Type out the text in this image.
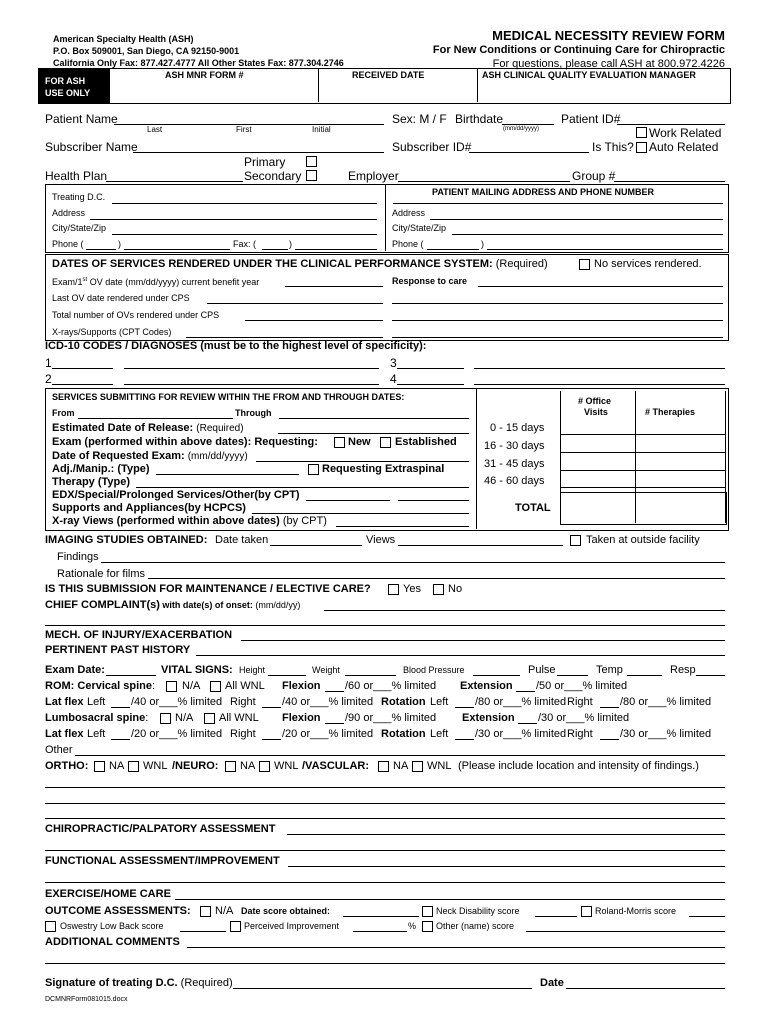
American Specialty Health (ASH)
P.O. Box 509001, San Diego, CA 92150-9001
California Only Fax: 877.427.4777 All Other States Fax: 877.304.2746
MEDICAL NECESSITY REVIEW FORM
For New Conditions or Continuing Care for Chiropractic
For questions, please call ASH at 800.972.4226
FOR ASH
USE ONLY
ASH MNR FORM #	RECEIVED DATE	ASH CLINICAL QUALITY EVALUATION MANAGER
Patient Name
Last	First	Initial
Sex: M / F Birthdate
(mm/dd/yyyy)
Patient ID#
Work Related
Subscriber Name	Subscriber ID#	Is This? Auto Related
Primary
Health Plan	Secondary	Employer	Group #
Treating D.C.
Address
City/State/Zip
Phone (	)	Fax: (	)
PATIENT MAILING ADDRESS AND PHONE NUMBER
Address
City/State/Zip
Phone (	)
DATES OF SERVICES RENDERED UNDER THE CLINICAL PERFORMANCE SYSTEM: (Required)	No services rendered.
Exam/1st OV date (mm/dd/yyyy) current benefit year	Response to care
Last OV date rendered under CPS
Total number of OVs rendered under CPS
X-rays/Supports (CPT Codes)
ICD-10 CODES / DIAGNOSES (must be to the highest level of specificity):
1	3
2	4
SERVICES SUBMITTING FOR REVIEW WITHIN THE FROM AND THROUGH DATES:
From	Through
Estimated Date of Release: (Required)
Exam (performed within above dates): Requesting:	New Established
Date of Requested Exam: (mm/dd/yyyy)
Adj./Manip.: (Type)	Requesting Extraspinal
Therapy (Type)
EDX/Special/Prolonged Services/Other(by CPT)
Supports and Appliances(by HCPCS)
X-ray Views (performed within above dates) (by CPT)
# Office
Visits	# Therapies
0 - 15 days
16 - 30 days
31 - 45 days
46 - 60 days
TOTAL
IMAGING STUDIES OBTAINED: Date taken	Views	Taken at outside facility
Findings
Rationale for films
IS THIS SUBMISSION FOR MAINTENANCE / ELECTIVE CARE?	Yes No
CHIEF COMPLAINT(s) with date(s) of onset: (mm/dd/yy)
MECH. OF INJURY/EXACERBATION
PERTINENT PAST HISTORY
Exam Date:	VITAL SIGNS: Height	Weight	Blood Pressure	Pulse	Temp	Resp
ROM: Cervical spine: N/A All WNL Flexion /60 or___% limited Extension /50 or___% limited
Lat flex Left /40 or___% limited Right /40 or___% limited Rotation Left /80 or___% limited Right /80 or___% limited
Lumbosacral spine: N/A All WNL Flexion /90 or___% limited Extension /30 or___% limited
Lat flex Left /20 or___% limited Right /20 or___% limited Rotation Left /30 or___% limited Right /30 or___% limited
Other
ORTHO: NA WNL /NEURO: NA WNL /VASCULAR: NA WNL (Please include location and intensity of findings.)
CHIROPRACTIC/PALPATORY ASSESSMENT
FUNCTIONAL ASSESSMENT/IMPROVEMENT
EXERCISE/HOME CARE
OUTCOME ASSESSMENTS: N/A Date score obtained:	Neck Disability score	Roland-Morris score
Oswestry Low Back score	Perceived Improvement	% Other (name) score
ADDITIONAL COMMENTS
Signature of treating D.C. (Required)	Date
DCMNRForm081015.docx
